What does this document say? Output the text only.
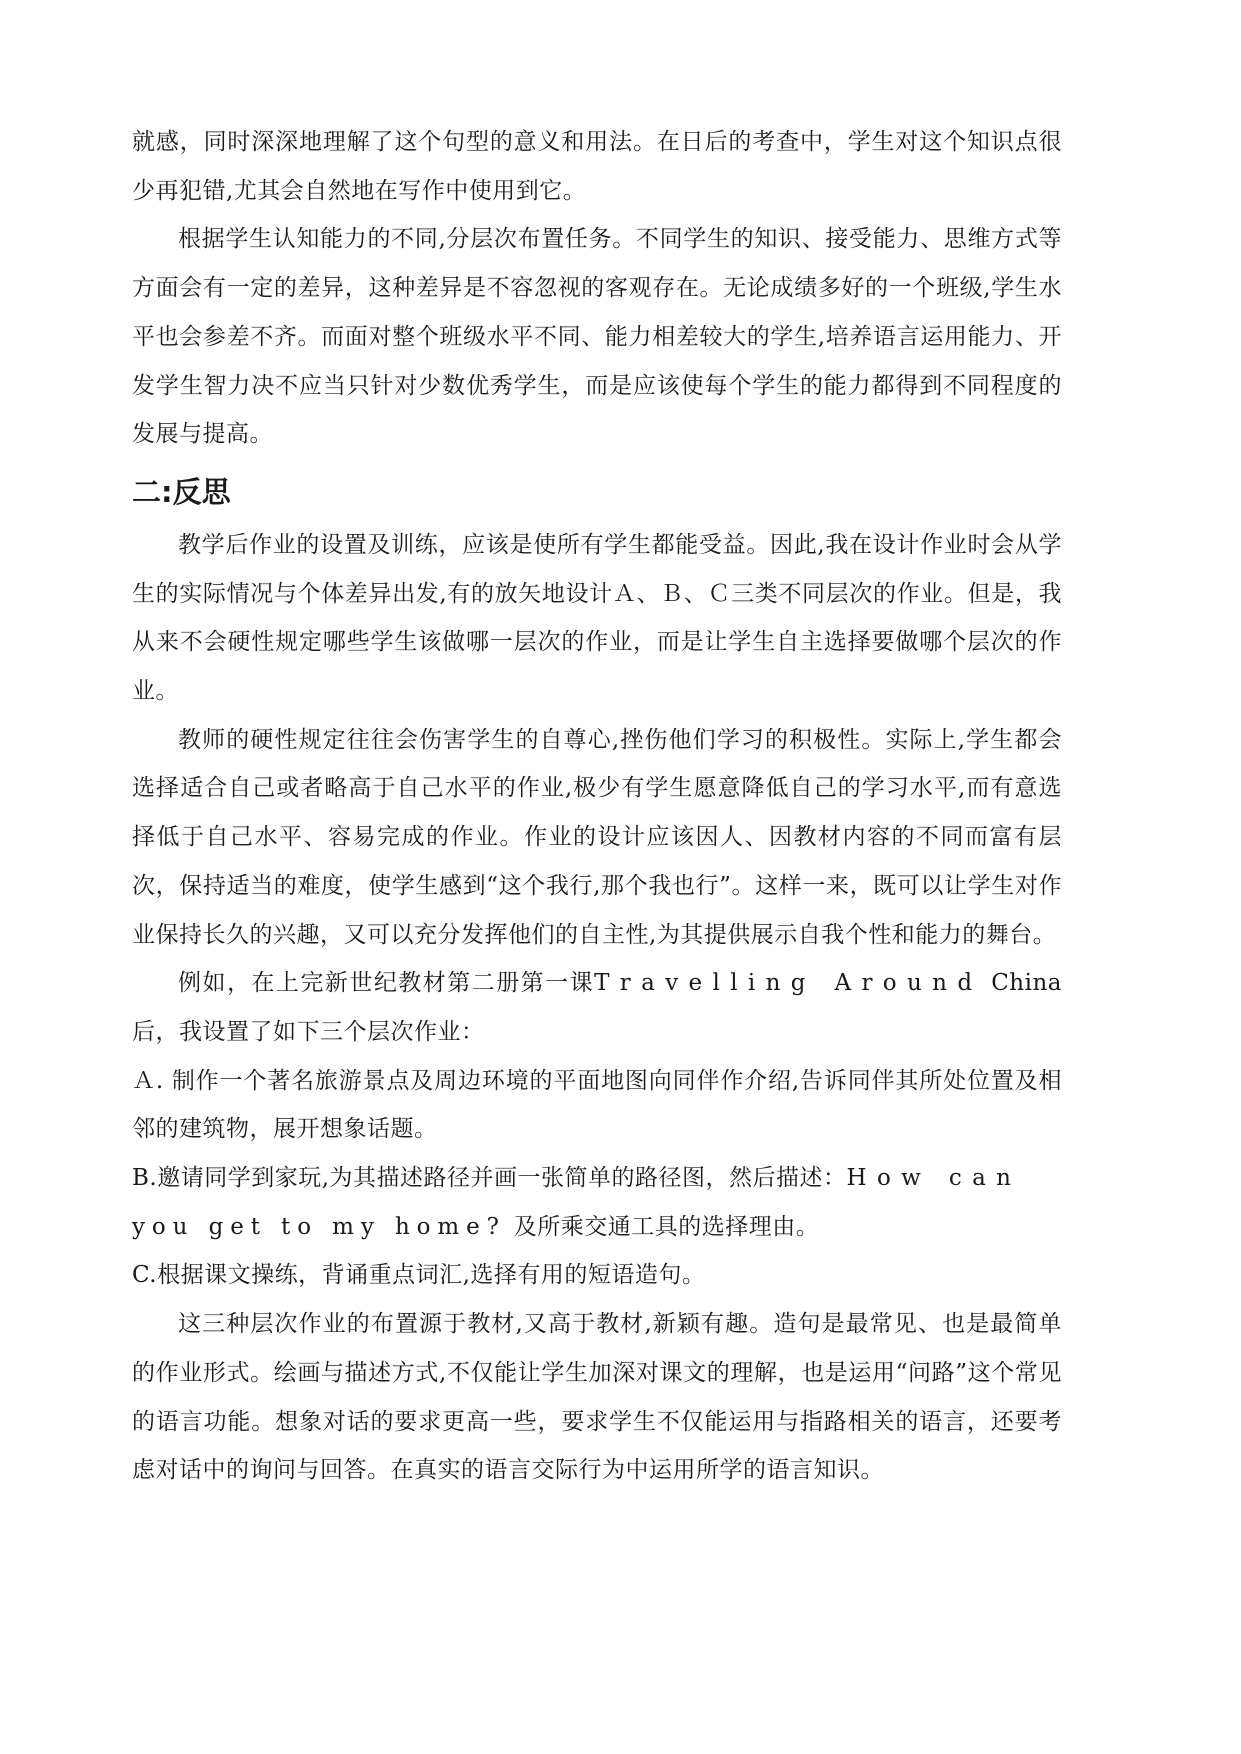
就感，同时深深地理解了这个句型的意义和用法。在日后的考查中，学生对这个知识点很少再犯错,尤其会自然地在写作中使用到它。

根据学生认知能力的不同,分层次布置任务。不同学生的知识、接受能力、思维方式等方面会有一定的差异，这种差异是不容忽视的客观存在。无论成绩多好的一个班级,学生水平也会参差不齐。而面对整个班级水平不同、能力相差较大的学生,培养语言运用能力、开发学生智力决不应当只针对少数优秀学生，而是应该使每个学生的能力都得到不同程度的发展与提高。

二:反思

教学后作业的设置及训练，应该是使所有学生都能受益。因此,我在设计作业时会从学生的实际情况与个体差异出发,有的放矢地设计Ａ、Ｂ、Ｃ三类不同层次的作业。但是，我从来不会硬性规定哪些学生该做哪一层次的作业，而是让学生自主选择要做哪个层次的作业。

教师的硬性规定往往会伤害学生的自尊心,挫伤他们学习的积极性。实际上,学生都会选择适合自己或者略高于自己水平的作业,极少有学生愿意降低自己的学习水平,而有意选择低于自己水平、容易完成的作业。作业的设计应该因人、因教材内容的不同而富有层次，保持适当的难度，使学生感到“这个我行,那个我也行”。这样一来，既可以让学生对作业保持长久的兴趣，又可以充分发挥他们的自主性,为其提供展示自我个性和能力的舞台。

例如，在上完新世纪教材第二册第一课Travelling Around China后，我设置了如下三个层次作业：

Ａ. 制作一个著名旅游景点及周边环境的平面地图向同伴作介绍,告诉同伴其所处位置及相邻的建筑物，展开想象话题。

B.邀请同学到家玩,为其描述路径并画一张简单的路径图，然后描述：How can
you get to my home? 及所乘交通工具的选择理由。

C.根据课文操练，背诵重点词汇,选择有用的短语造句。

这三种层次作业的布置源于教材,又高于教材,新颖有趣。造句是最常见、也是最简单的作业形式。绘画与描述方式,不仅能让学生加深对课文的理解，也是运用“问路”这个常见的语言功能。想象对话的要求更高一些，要求学生不仅能运用与指路相关的语言，还要考虑对话中的询问与回答。在真实的语言交际行为中运用所学的语言知识。
